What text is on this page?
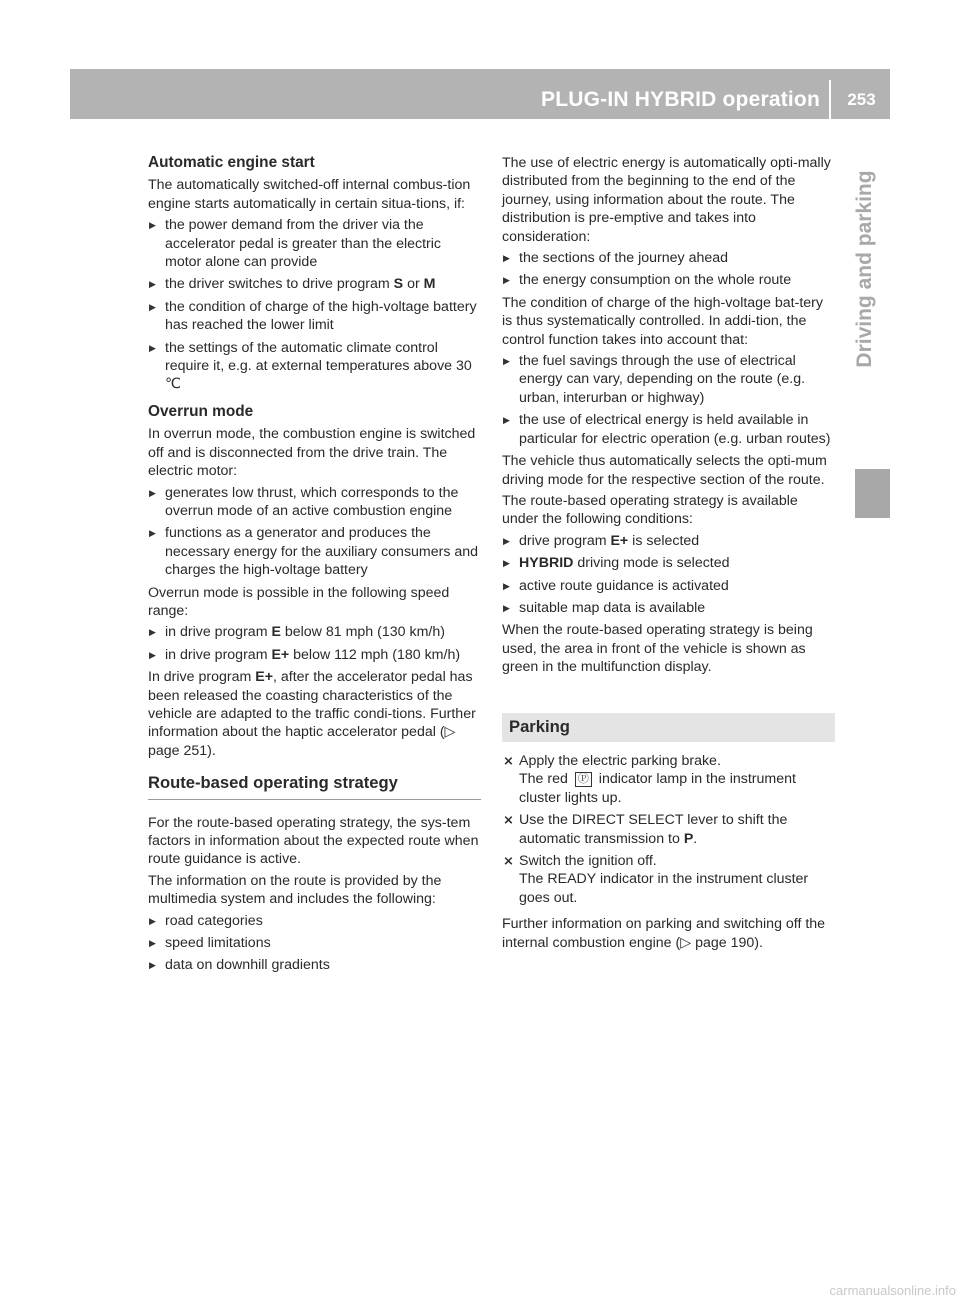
PLUG-IN HYBRID operation	253
Driving and parking
Automatic engine start

The automatically switched-off internal combus-tion engine starts automatically in certain situa-tions, if:

▶ the power demand from the driver via the accelerator pedal is greater than the electric motor alone can provide
▶ the driver switches to drive program S or M
▶ the condition of charge of the high-voltage battery has reached the lower limit
▶ the settings of the automatic climate control require it, e.g. at external temperatures above 30 ℃
Overrun mode

In overrun mode, the combustion engine is switched off and is disconnected from the drive train. The electric motor:

▶ generates low thrust, which corresponds to the overrun mode of an active combustion engine
▶ functions as a generator and produces the necessary energy for the auxiliary consumers and charges the high-voltage battery

Overrun mode is possible in the following speed range:

▶ in drive program E below 81 mph (130 km/h)
▶ in drive program E+ below 112 mph (180 km/h)

In drive program E+, after the accelerator pedal has been released the coasting characteristics of the vehicle are adapted to the traffic condi-tions. Further information about the haptic accelerator pedal (▷ page 251).

Route-based operating strategy

For the route-based operating strategy, the sys-tem factors in information about the expected route when route guidance is active.

The information on the route is provided by the multimedia system and includes the following:

▶ road categories
▶ speed limitations
▶ data on downhill gradients

The use of electric energy is automatically opti-mally distributed from the beginning to the end of the journey, using information about the route. The distribution is pre-emptive and takes into consideration:

▶ the sections of the journey ahead
▶ the energy consumption on the whole route

The condition of charge of the high-voltage bat-tery is thus systematically controlled. In addi-tion, the control function takes into account that:

▶ the fuel savings through the use of electrical energy can vary, depending on the route (e.g. urban, interurban or highway)
▶ the use of electrical energy is held available in particular for electric operation (e.g. urban routes)

The vehicle thus automatically selects the opti-mum driving mode for the respective section of the route.

The route-based operating strategy is available under the following conditions:

▶ drive program E+ is selected
▶ HYBRID driving mode is selected
▶ active route guidance is activated
▶ suitable map data is available

When the route-based operating strategy is being used, the area in front of the vehicle is shown as green in the multifunction display.

Parking
⨯ Apply the electric parking brake.
The red Ⓟ indicator lamp in the instrument cluster lights up.
⨯ Use the DIRECT SELECT lever to shift the automatic transmission to P.
⨯ Switch the ignition off.
The READY indicator in the instrument cluster goes out.

Further information on parking and switching off the internal combustion engine (▷ page 190).

carmanualsonline.info
